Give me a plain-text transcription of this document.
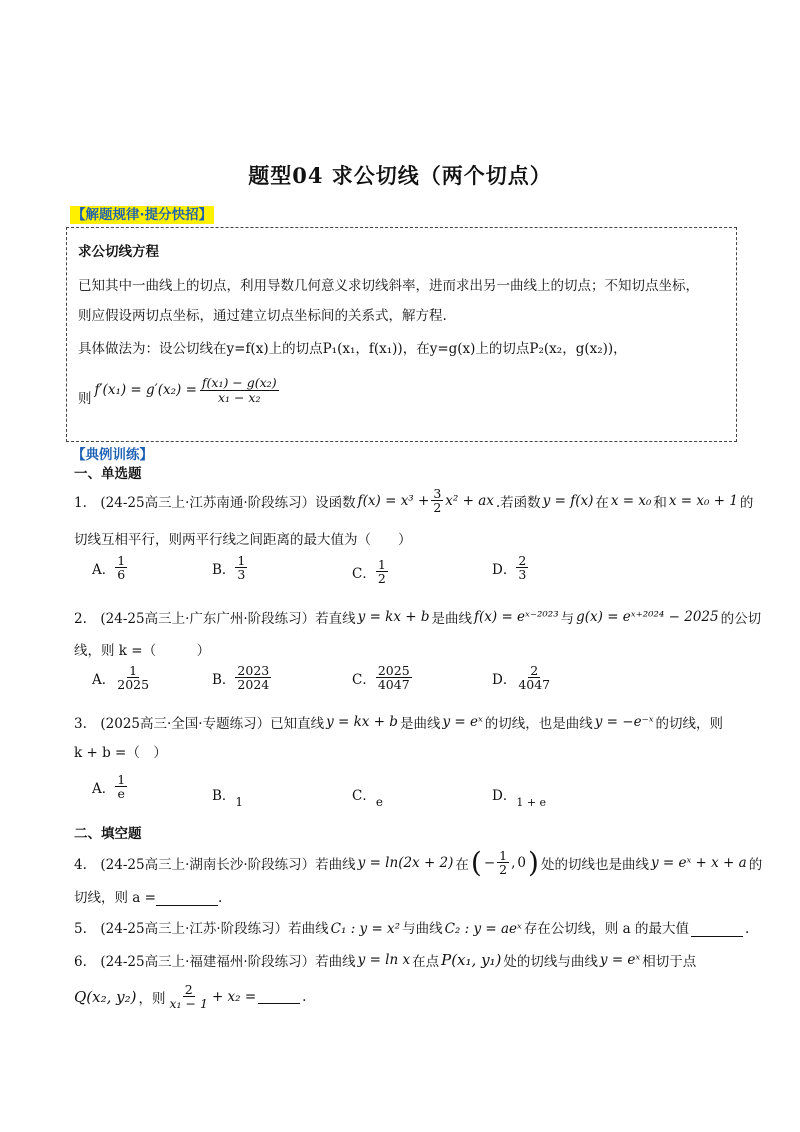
题型04 求公切线（两个切点）
【解题规律·提分快招】
求公切线方程
已知其中一曲线上的切点，利用导数几何意义求切线斜率，进而求出另一曲线上的切点；不知切点坐标，
则应假设两切点坐标，通过建立切点坐标间的关系式，解方程.
具体做法为：设公切线在y=f(x)上的切点P₁(x₁，f(x₁))，在y=g(x)上的切点P₂(x₂，g(x₂))，
则
$f'(x_1) = g'(x_2) = \frac{\text{f(x₁) − g(x₂)}}{\text{x₁ − x₂}}$
【典例训练】
一、单选题
1.　(24-25高三上·江苏南通·阶段练习）设函数 $f(x) = x^3 + \frac{3}{2} x^2$ + ax .若函数 y = f(x) 在 x = x₀ 和 x = x₀ + 1 的
切线互相平行，则两平行线之间距离的最大值为（　　）
A． $\frac{1}{6}$	B． $\frac{1}{3}$	C． $\frac{1}{2}$	D． $\frac{2}{3}$
2.　(24-25高三上·广东广州·阶段练习）若直线 y = kx + b 是曲线 f(x) = eˣ⁻²⁰²³ 与 g(x) = eˣ⁺²⁰²⁴ − 2025 的公切
线，则 k =（　　　）
A． $\frac{1}{2025}$	B． $\frac{2023}{2024}$	C． $\frac{2025}{4047}$	D． $\frac{2}{4047}$
3.　(2025高三·全国·专题练习）已知直线 y = kx + b 是曲线 y = eˣ 的切线，也是曲线 y = −e⁻ˣ 的切线，则
k + b =（　）
A． $\frac{1}{e}$	B．1	C．e	D．$_{1 + e}$
二、填空题
4.　(24-25高三上·湖南长沙·阶段练习）若曲线 y = ln(2x + 2) 在 ( − $\frac{1}{2}$ , 0 ) 处的切线也是曲线 y = eˣ + x + a 的
切线，则 a =	.
5.　(24-25高三上·江苏·阶段练习）若曲线 C₁ : y = x² 与曲线 C₂ : y = aeˣ 存在公切线，则 a 的最大值	.
6.　(24-25高三上·福建福州·阶段练习）若曲线 y = ln x 在点 P(x₁, y₁) 处的切线与曲线 y = eˣ 相切于点
Q(x₂, y₂) ，则 $\frac{2}{\text{x₁ − 1}} + x_2$ =	.
